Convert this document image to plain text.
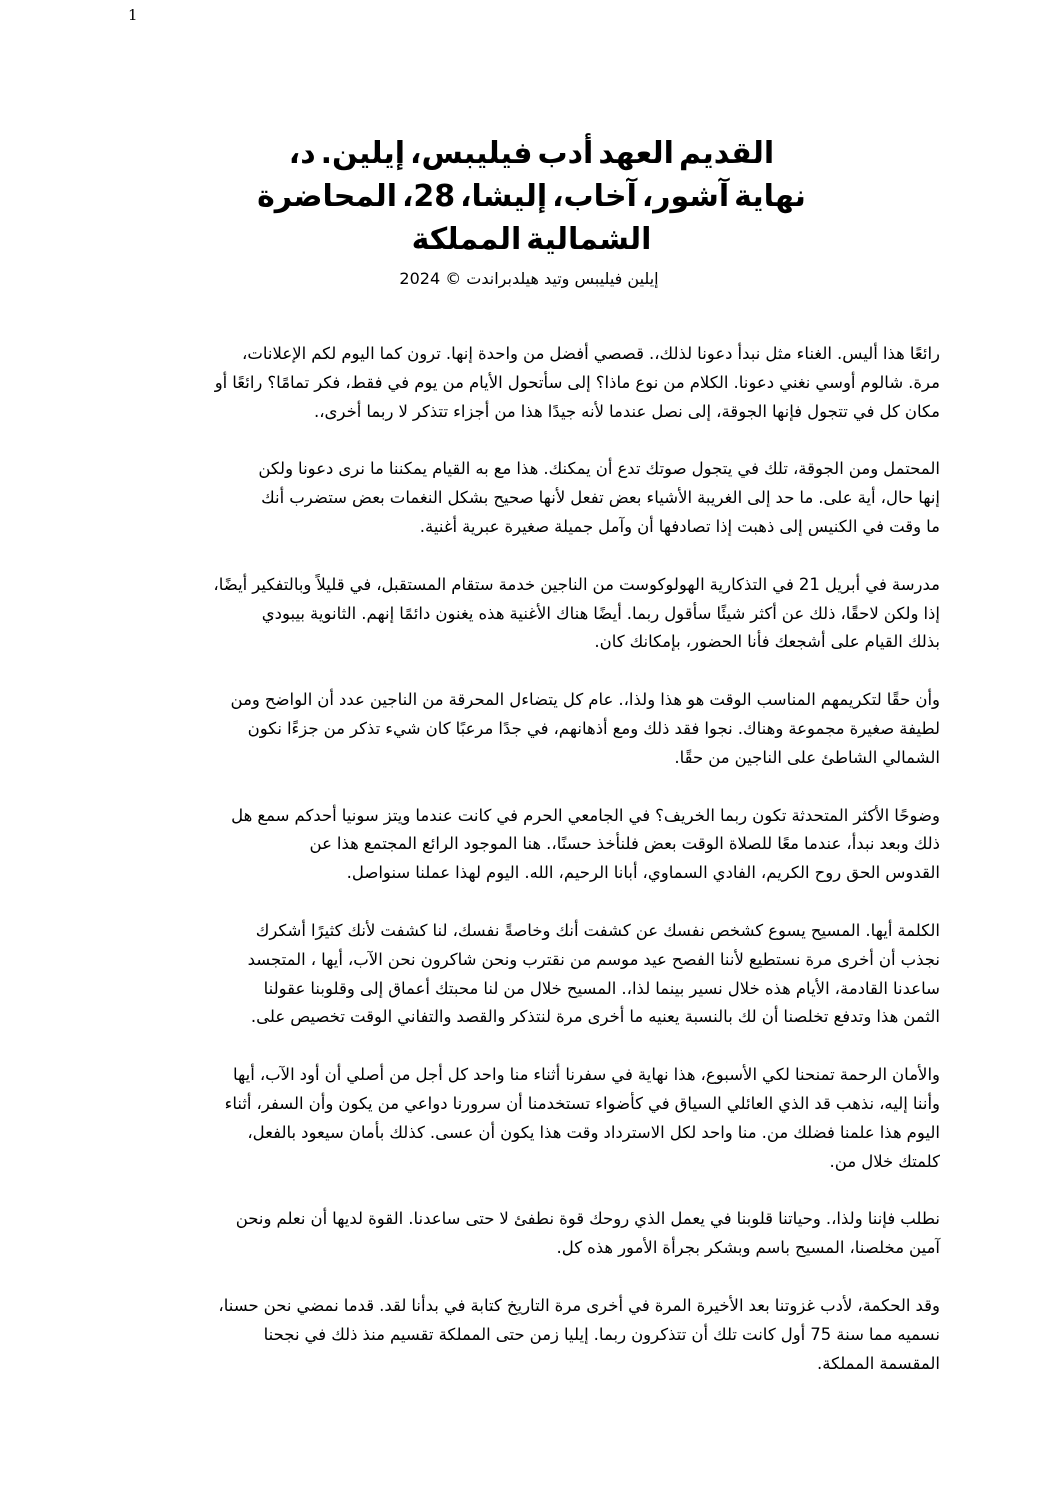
1
،د .إيلين فيليبس، أدب العهد القديم
المحاضرة 28، إليشا، آخاب، آشور، نهاية
المملكة الشمالية
إيلين فيليبس وتيد هيلدبراندت © 2024
،الإعلانات لكم اليوم كما ترون .إنها واحدة من أفضل قصصي .لذلك، دعونا نبدأ مثل الغناء .أليس هذا رائعًا
أو رائعًا تمامًا؟ فكر فقط، في يوم من الأيام سأتحول إلى ماذا؟ نوع من الكلام .دعونا نغني أوسي شالوم .مرة
.أخرى، ربما لا تتذكر أجزاء من هذا جيدًا لأنه عندما نصل إلى الجوقة، فإنها تتجول في كل مكان
ولكن دعونا نرى ما يمكننا القيام به مع هذا .يمكنك أن تدع صوتك يتجول في تلك الجوقة، ومن المحتمل
أنك ستضرب بعض النغمات بشكل صحيح لأنها تفعل بعض الأشياء الغريبة إلى حد ما .على أية حال، إنها
.أغنية عبرية صغيرة جميلة وآمل أن تصادفها إذا ذهبت إلى الكنيس في وقت ما
أيضًا، وبالتفكير قليلاً في المستقبل، ستقام خدمة الناجين من الهولوكوست التذكارية في 21 أبريل في مدرسة
بيبودي الثانوية .إنهم دائمًا يغنون هذه الأغنية هناك أيضًا .ربما سأقول شيئًا أكثر عن ذلك لاحقًا، ولكن إذا
.كان بإمكانك الحضور، فأنا أشجعك على القيام بذلك
ومن الواضح أن عدد الناجين من المحرقة يتضاءل كل عام .ولذا، هذا هو الوقت المناسب لتكريمهم حقًا وأن
نكون جزءًا من تذكر شيء كان مرعبًا جدًا في أذهانهم، ومع ذلك فقد نجوا .وهناك مجموعة صغيرة لطيفة
.حقًا من الناجين على الشاطئ الشمالي
هل سمع أحدكم سونيا ويتز عندما كانت في الحرم الجامعي في الخريف؟ ربما تكون المتحدثة الأكثر وضوحًا
عن هذا المجتمع الرائع الموجود هنا .حسنًا، فلنأخذ بعض الوقت للصلاة معًا عندما نبدأ، وبعد ذلك
.سنواصل عملنا لهذا اليوم .الله الرحيم، أبانا السماوي، الفادي الكريم، روح الحق القدوس
أشكرك كثيرًا لأنك كشفت لنا نفسك، وخاصةً أنك كشفت عن نفسك كشخص يسوع المسيح .أيها الكلمة
المتجسد ، أيها الآب، نحن شاكرون ونحن نقترب من موسم عيد الفصح لأننا نستطيع مرة أخرى أن نجذب
عقولنا وقلوبنا إلى أعماق محبتك لنا من خلال المسيح .لذا، بينما نسير خلال هذه الأيام القادمة، ساعدنا
.على تخصيص الوقت والتفاني والقصد لنتذكر مرة أخرى ما يعنيه بالنسبة لك أن تخلصنا وتدفع هذا الثمن
أيها الآب، أود أن أصلي من أجل كل واحد منا أثناء سفرنا في نهاية هذا الأسبوع، لكي تمنحنا الرحمة والأمان
أثناء السفر، وأن يكون من دواعي سرورنا أن تستخدمنا كأضواء في السياق العائلي الذي قد نذهب إليه، وأننا
بالفعل، سيعود بأمان كذلك .عسى أن يكون هذا وقت الاسترداد لكل واحد منا .من فضلك علمنا هذا اليوم
.من خلال كلمتك
ونحن نعلم أن لديها القوة .ساعدنا حتى لا نطفئ قوة روحك الذي يعمل في قلوبنا وحياتنا .ولذا، فإننا نطلب
.كل هذه الأمور بجرأة وبشكر باسم المسيح مخلصنا، آمين
حسنا، نحن نمضي قدما .لقد بدأنا في كتابة التاريخ مرة أخرى في المرة الأخيرة بعد غزوتنا لأدب الحكمة، وقد
نجحنا في ذلك منذ تقسيم المملكة حتى زمن إيليا .ربما تتذكرون أن تلك كانت أول 75 سنة مما نسميه
.المملكة المقسمة
